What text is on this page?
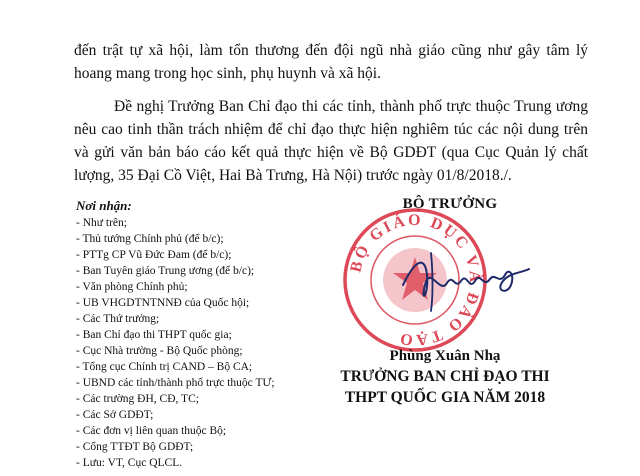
đến trật tự xã hội, làm tổn thương đến đội ngũ nhà giáo cũng như gây tâm lý hoang mang trong học sinh, phụ huynh và xã hội.

Đề nghị Trưởng Ban Chỉ đạo thi các tỉnh, thành phố trực thuộc Trung ương nêu cao tinh thần trách nhiệm để chỉ đạo thực hiện nghiêm túc các nội dung trên và gửi văn bản báo cáo kết quả thực hiện về Bộ GDĐT (qua Cục Quản lý chất lượng, 35 Đại Cồ Việt, Hai Bà Trưng, Hà Nội) trước ngày 01/8/2018./.

Nơi nhận:
- Như trên;
- Thủ tướng Chính phủ (để b/c);
- PTTg CP Vũ Đức Đam (để b/c);
- Ban Tuyên giáo Trung ương (để b/c);
- Văn phòng Chính phủ;
- UB VHGDTNTNNĐ của Quốc hội;
- Các Thứ trưởng;
- Ban Chỉ đạo thi THPT quốc gia;
- Cục Nhà trường - Bộ Quốc phòng;
- Tổng cục Chính trị CAND – Bộ CA;
- UBND các tỉnh/thành phố trực thuộc TƯ;
- Các trường ĐH, CĐ, TC;
- Các Sở GDĐT;
- Các đơn vị liên quan thuộc Bộ;
- Cổng TTĐT Bộ GDĐT;
- Lưu: VT, Cục QLCL.
BỘ TRƯỞNG
BỘ GIÁO DỤC VÀ ĐÀO TẠO
Phùng Xuân Nhạ
TRƯỞNG BAN CHỈ ĐẠO THI
THPT QUỐC GIA NĂM 2018
